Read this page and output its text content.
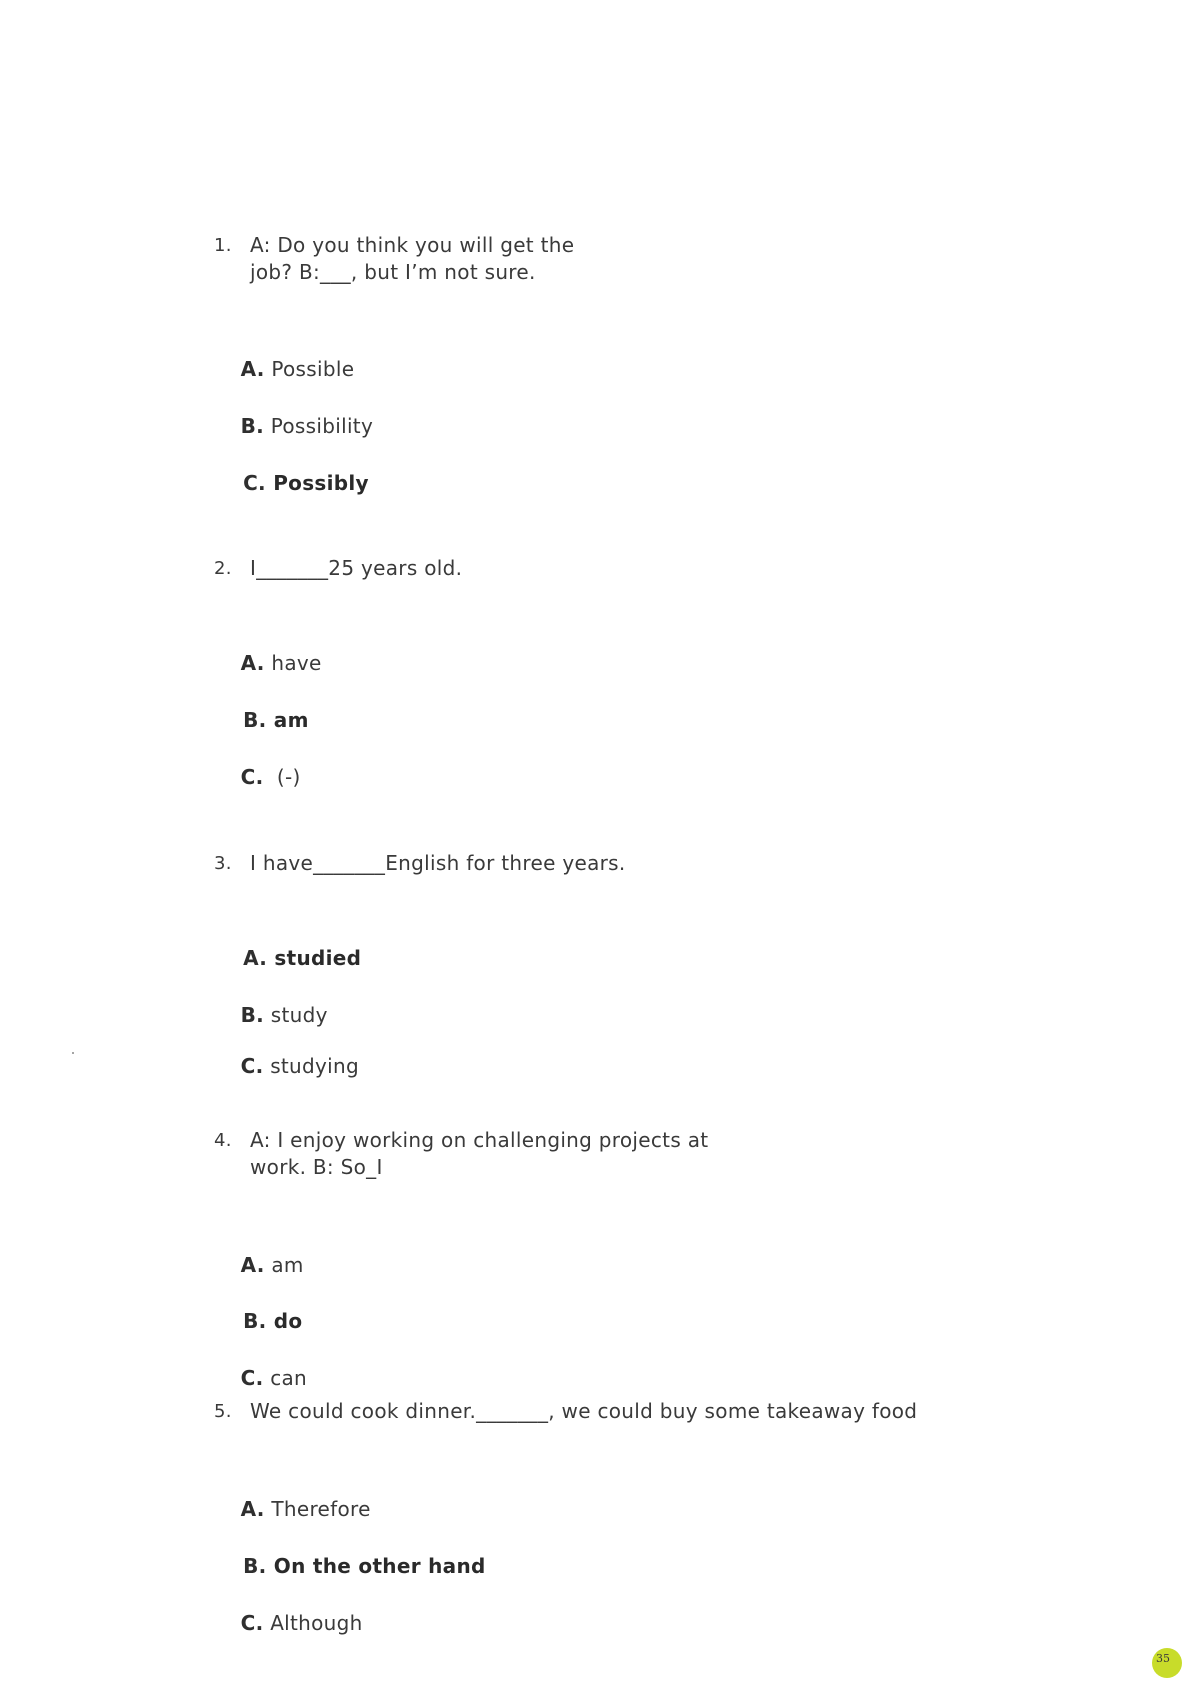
1. A: Do you think you will get the
job? B:___, but I’m not sure.

A. Possible

B. Possibility

C. Possibly

2. I_______25 years old.

A. have

B. am

C.  (-)

3. I have_______English for three years.

A. studied

B. study

C. studying

4. A: I enjoy working on challenging projects at
work. B: So_I

A. am

B. do

C. can

5. We could cook dinner._______, we could buy some takeaway food

A. Therefore

B. On the other hand

C. Although

35
